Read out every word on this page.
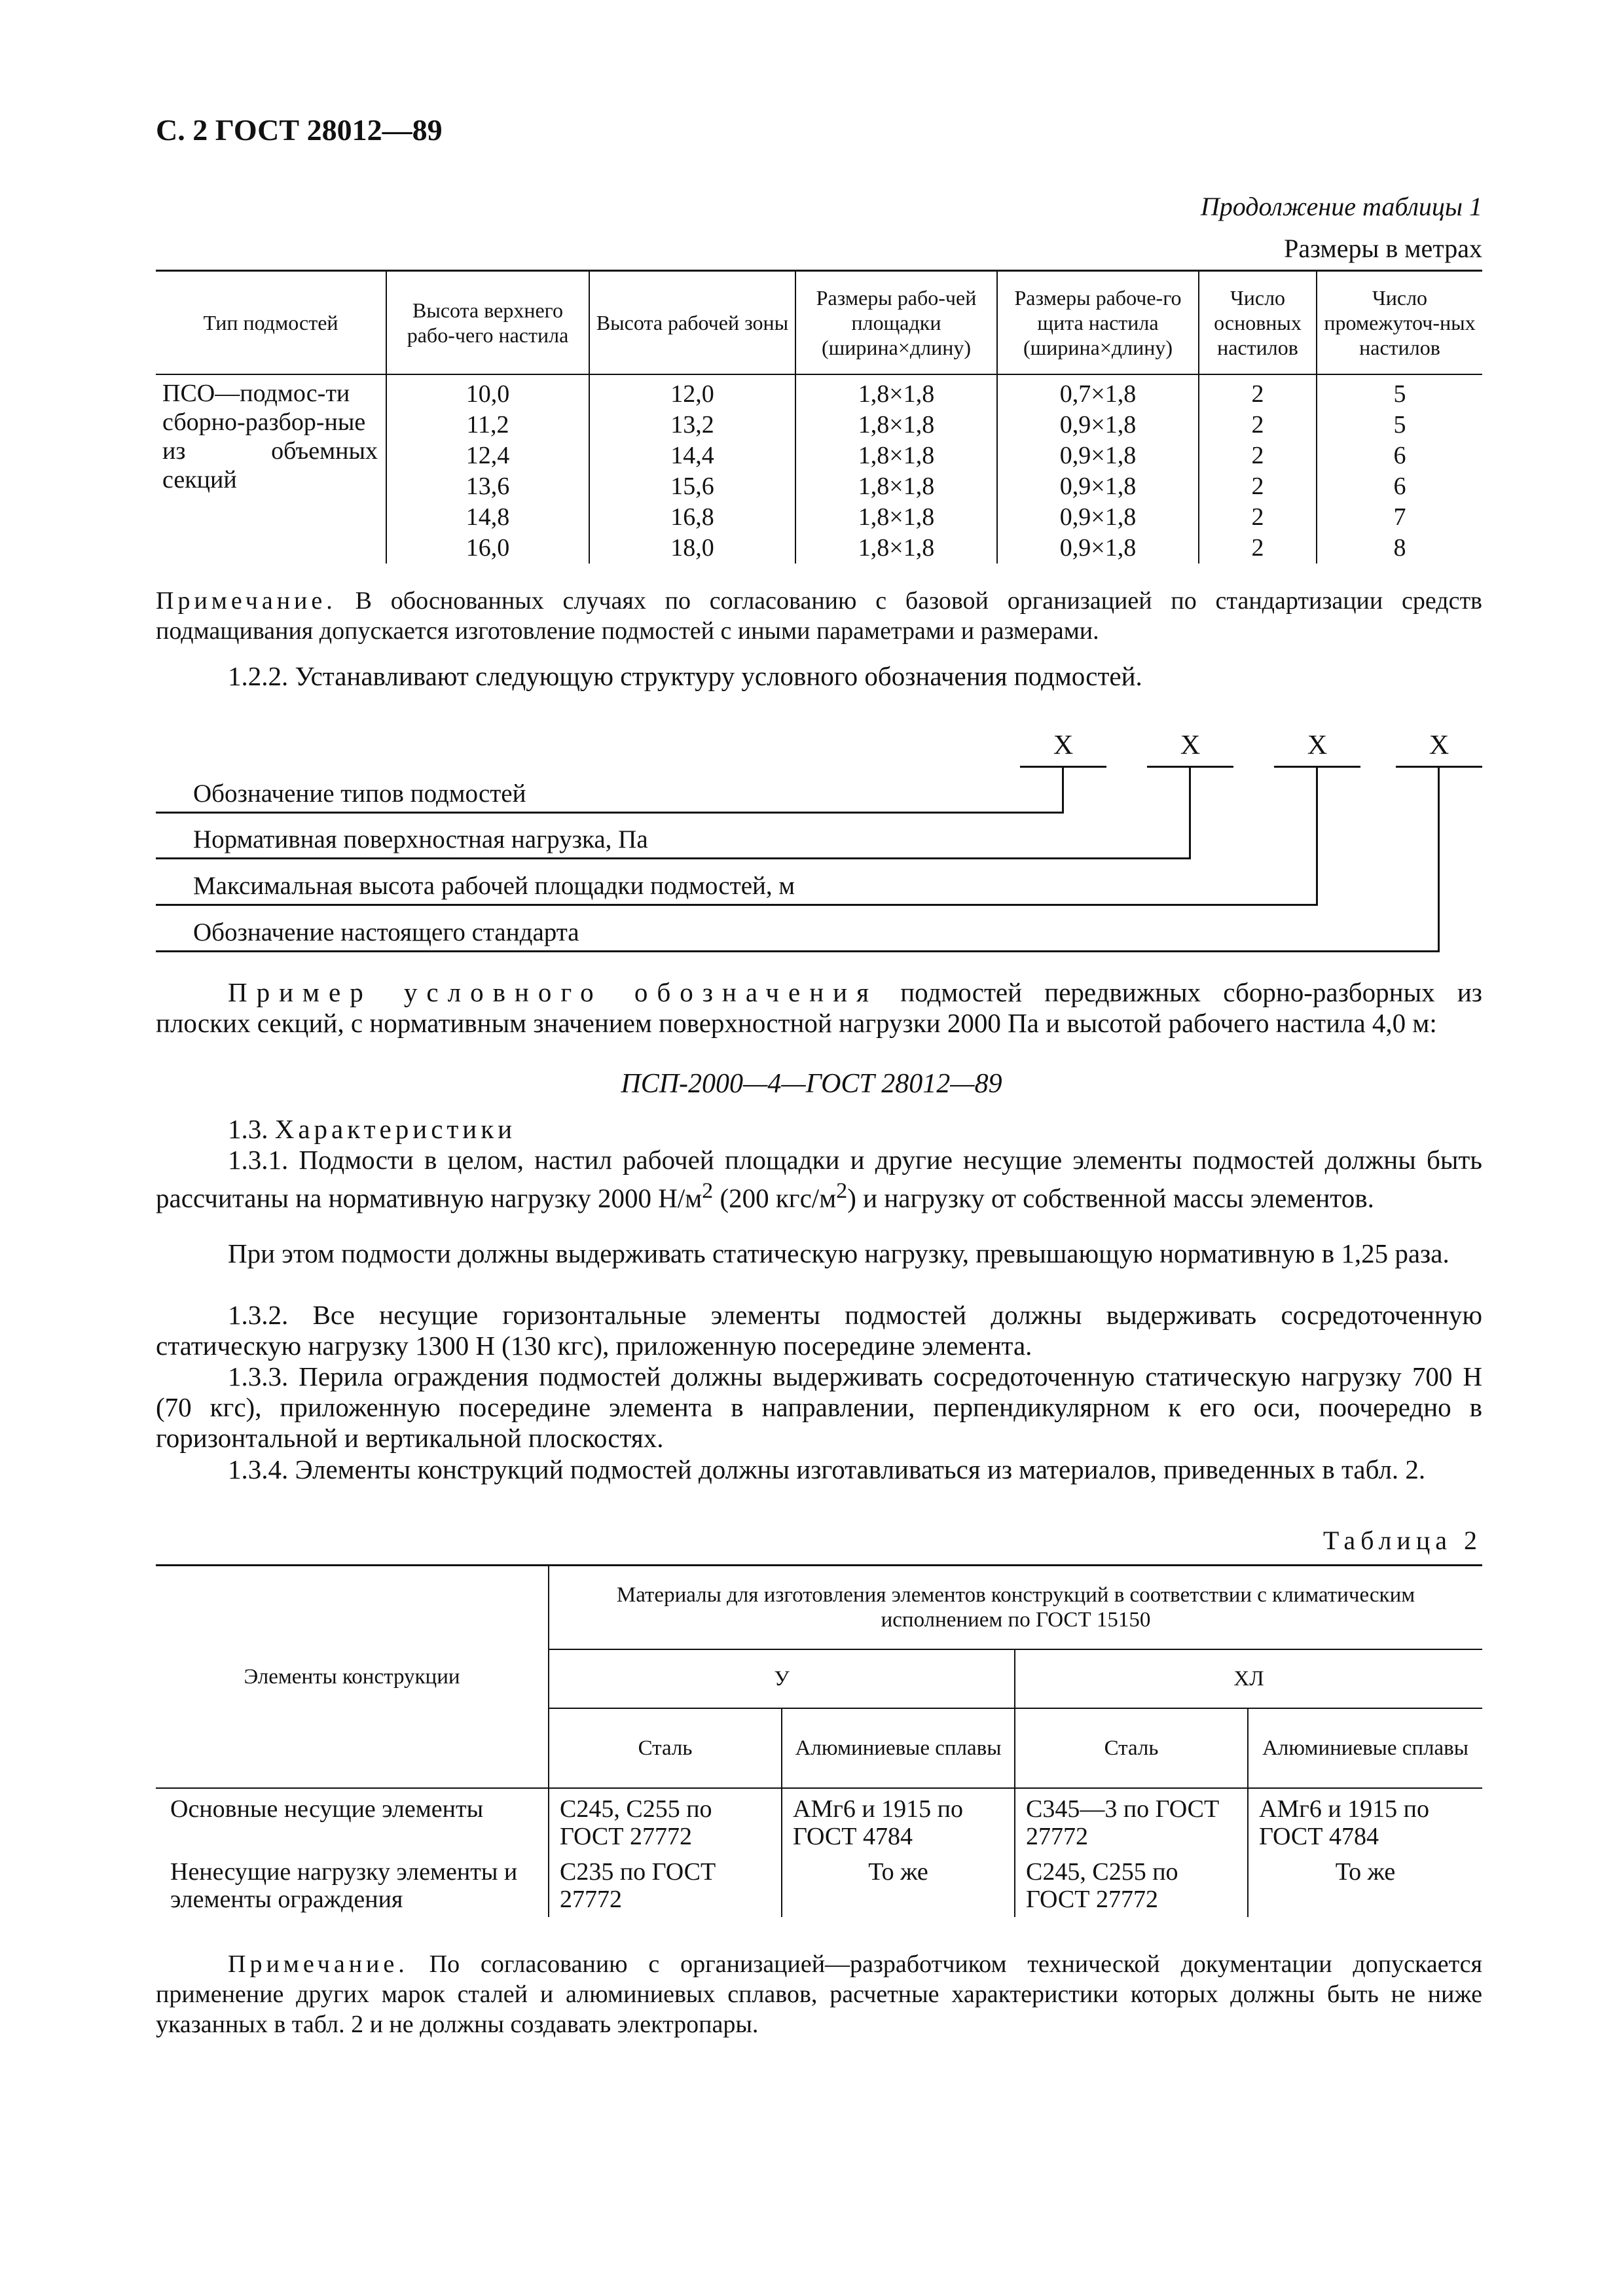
С. 2 ГОСТ 28012—89
Продолжение таблицы 1
Размеры в метрах
Тип подмостей	Высота верхнего рабо-чего настила	Высота рабочей зоны	Размеры рабо-чей площадки (ширина×длину)	Размеры рабоче-го щита настила (ширина×длину)	Число основных настилов	Число промежуточ-ных настилов
ПСО—подмос-ти сборно-разбор-ные из объемных секций	10,0	12,0	1,8×1,8	0,7×1,8	2	5
	11,2	13,2	1,8×1,8	0,9×1,8	2	5
	12,4	14,4	1,8×1,8	0,9×1,8	2	6
	13,6	15,6	1,8×1,8	0,9×1,8	2	6
	14,8	16,8	1,8×1,8	0,9×1,8	2	7
	16,0	18,0	1,8×1,8	0,9×1,8	2	8
Примечание. В обоснованных случаях по согласованию с базовой организацией по стандартизации средств подмащивания допускается изготовление подмостей с иными параметрами и размерами.
1.2.2. Устанавливают следующую структуру условного обозначения подмостей.
Х	Х	Х	Х
Обозначение типов подмостей
Нормативная поверхностная нагрузка, Па
Максимальная высота рабочей площадки подмостей, м
Обозначение настоящего стандарта
Пример условного обозначения подмостей передвижных сборно-разборных из плоских секций, с нормативным значением поверхностной нагрузки 2000 Па и высотой рабочего настила 4,0 м:
ПСП-2000—4—ГОСТ 28012—89
1.3. Характеристики
1.3.1. Подмости в целом, настил рабочей площадки и другие несущие элементы подмостей должны быть рассчитаны на нормативную нагрузку 2000 $Н/м^2$ (200 кгс/$м^2$) и нагрузку от собственной массы элементов.
При этом подмости должны выдерживать статическую нагрузку, превышающую нормативную в 1,25 раза.
1.3.2. Все несущие горизонтальные элементы подмостей должны выдерживать сосредоточенную статическую нагрузку 1300 Н (130 кгс), приложенную посередине элемента.
1.3.3. Перила ограждения подмостей должны выдерживать сосредоточенную статическую нагрузку 700 Н (70 кгс), приложенную посередине элемента в направлении, перпендикулярном к его оси, поочередно в горизонтальной и вертикальной плоскостях.
1.3.4. Элементы конструкций подмостей должны изготавливаться из материалов, приведенных в табл. 2.
Таблица 2
Элементы конструкции	Материалы для изготовления элементов конструкций в соответствии с климатическим исполнением по ГОСТ 15150			
	У		ХЛ	
	Сталь	Алюминиевые сплавы	Сталь	Алюминиевые сплавы
Основные несущие элементы	С245, С255 по ГОСТ 27772	АМг6 и 1915 по ГОСТ 4784	С345—3 по ГОСТ 27772	АМг6 и 1915 по ГОСТ 4784
Ненесущие нагрузку элементы и элементы ограждения	С235 по ГОСТ 27772	То же	С245, С255 по ГОСТ 27772	То же
Примечание. По согласованию с организацией—разработчиком технической документации допускается применение других марок сталей и алюминиевых сплавов, расчетные характеристики которых должны быть не ниже указанных в табл. 2 и не должны создавать электропары.
